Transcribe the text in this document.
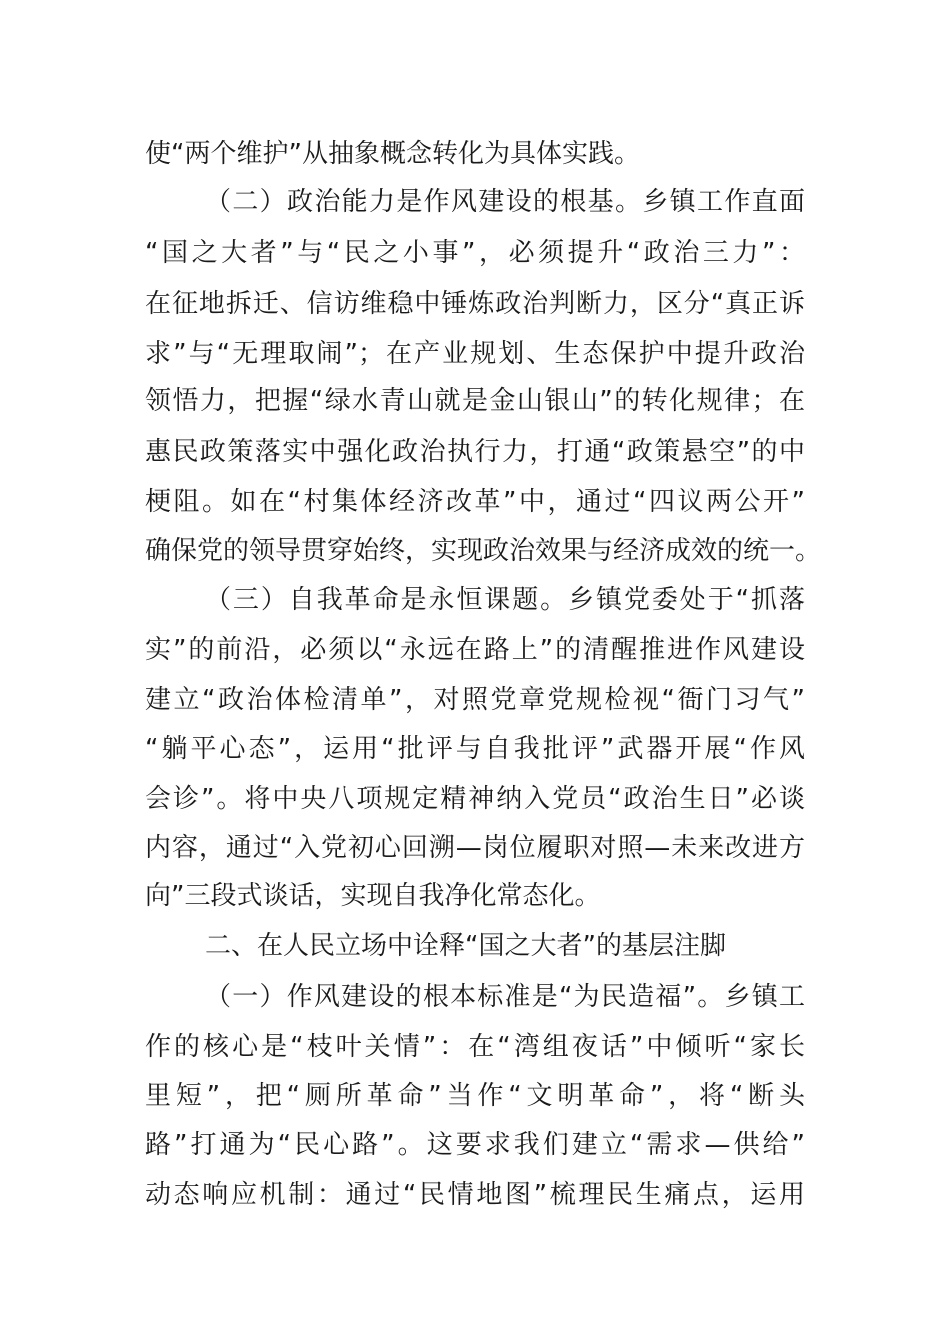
使“两个维护”从抽象概念转化为具体实践。
（二）政治能力是作风建设的根基。乡镇工作直面
“国之大者”与“民之小事”，必须提升“政治三力”：
在征地拆迁、信访维稳中锤炼政治判断力，区分“真正诉
求”与“无理取闹”；在产业规划、生态保护中提升政治
领悟力，把握“绿水青山就是金山银山”的转化规律；在
惠民政策落实中强化政治执行力，打通“政策悬空”的中
梗阻。如在“村集体经济改革”中，通过“四议两公开”
确保党的领导贯穿始终，实现政治效果与经济成效的统一。
（三）自我革命是永恒课题。乡镇党委处于“抓落
实”的前沿，必须以“永远在路上”的清醒推进作风建设
建立“政治体检清单”，对照党章党规检视“衙门习气”
“躺平心态”，运用“批评与自我批评”武器开展“作风
会诊”。将中央八项规定精神纳入党员“政治生日”必谈
内容，通过“入党初心回溯—岗位履职对照—未来改进方
向”三段式谈话，实现自我净化常态化。
二、在人民立场中诠释“国之大者”的基层注脚
（一）作风建设的根本标准是“为民造福”。乡镇工
作的核心是“枝叶关情”：在“湾组夜话”中倾听“家长
里短”，把“厕所革命”当作“文明革命”，将“断头
路”打通为“民心路”。这要求我们建立“需求—供给”
动态响应机制：通过“民情地图”梳理民生痛点，运用
